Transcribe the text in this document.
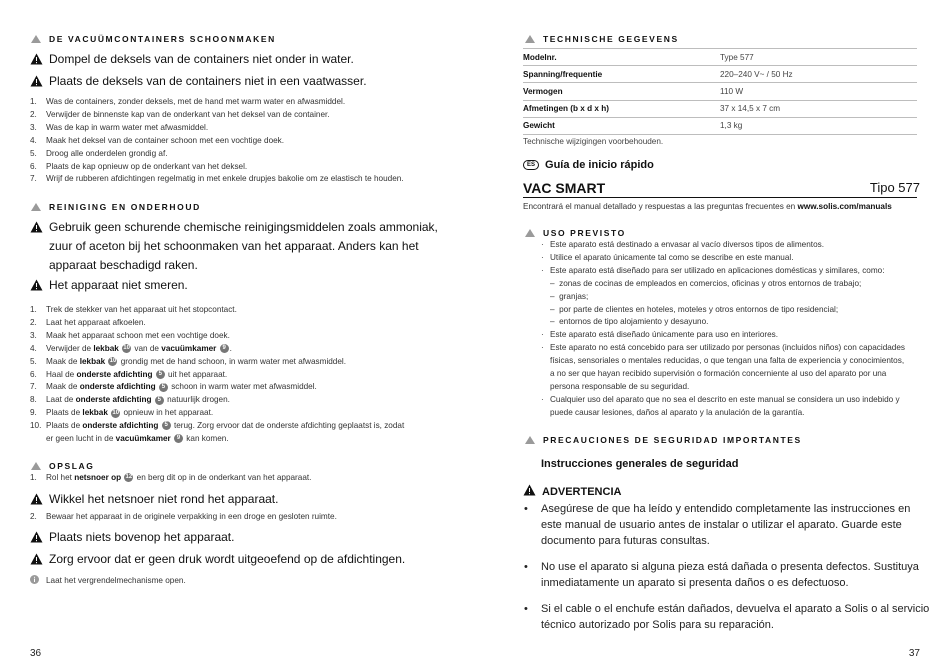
DE VACUÜMCONTAINERS SCHOONMAKEN
Dompel de deksels van de containers niet onder in water.
Plaats de deksels van de containers niet in een vaatwasser.
1.	Was de containers, zonder deksels, met de hand met warm water en afwasmiddel.
2.	Verwijder de binnenste kap van de onderkant van het deksel van de container.
3.	Was de kap in warm water met afwasmiddel.
4.	Maak het deksel van de container schoon met een vochtige doek.
5.	Droog alle onderdelen grondig af.
6.	Plaats de kap opnieuw op de onderkant van het deksel.
7.	Wrijf de rubberen afdichtingen regelmatig in met enkele drupjes bakolie om ze elastisch te houden.
REINIGING EN ONDERHOUD
Gebruik geen schurende chemische reinigingsmiddelen zoals ammoniak,
zuur of aceton bij het schoonmaken van het apparaat. Anders kan het
apparaat beschadigd raken.
Het apparaat niet smeren.
1.	Trek de stekker van het apparaat uit het stopcontact.
2.	Laat het apparaat afkoelen.
3.	Maak het apparaat schoon met een vochtige doek.
4.	Verwijder de lekbak 10 van de vacuümkamer 9 .
5.	Maak de lekbak 10 grondig met de hand schoon, in warm water met afwasmiddel.
6.	Haal de onderste afdichting 5 uit het apparaat.
7.	Maak de onderste afdichting 5 schoon in warm water met afwasmiddel.
8.	Laat de onderste afdichting 5 natuurlijk drogen.
9.	Plaats de lekbak 10 opnieuw in het apparaat.
10. Plaats de onderste afdichting 5 terug. Zorg ervoor dat de onderste afdichting geplaatst is, zodat
er geen lucht in de vacuümkamer 9 kan komen.
OPSLAG
1.	Rol het netsnoer op 12 en berg dit op in de onderkant van het apparaat.
Wikkel het netsnoer niet rond het apparaat.
2.	Bewaar het apparaat in de originele verpakking in een droge en gesloten ruimte.
Plaats niets bovenop het apparaat.
Zorg ervoor dat er geen druk wordt uitgeoefend op de afdichtingen.
Laat het vergrendelmechanisme open.
36
TECHNISCHE GEGEVENS
Modelnr.	Type 577
Spanning/frequentie	220–240 V~ / 50 Hz
Vermogen	110 W
Afmetingen (b x d x h)	37 x 14,5 x 7 cm
Gewicht	1,3 kg
Technische wijzigingen voorbehouden.
ES Guía de inicio rápido
VAC SMART	Tipo 577
Encontrará el manual detallado y respuestas a las preguntas frecuentes en www.solis.com/manuals
USO PREVISTO
· Este aparato está destinado a envasar al vacío diversos tipos de alimentos.
· Utilice el aparato únicamente tal como se describe en este manual.
· Este aparato está diseñado para ser utilizado en aplicaciones domésticas y similares, como:
– zonas de cocinas de empleados en comercios, oficinas y otros entornos de trabajo;
– granjas;
– por parte de clientes en hoteles, moteles y otros entornos de tipo residencial;
– entornos de tipo alojamiento y desayuno.
· Este aparato está diseñado únicamente para uso en interiores.
· Este aparato no está concebido para ser utilizado por personas (incluidos niños) con capacidades
físicas, sensoriales o mentales reducidas, o que tengan una falta de experiencia y conocimientos,
a no ser que hayan recibido supervisión o formación concerniente al uso del aparato por una
persona responsable de su seguridad.
· Cualquier uso del aparato que no sea el descrito en este manual se considera un uso indebido y
puede causar lesiones, daños al aparato y la anulación de la garantía.
PRECAUCIONES DE SEGURIDAD IMPORTANTES
Instrucciones generales de seguridad
ADVERTENCIA
•	Asegúrese de que ha leído y entendido completamente las instrucciones en
este manual de usuario antes de instalar o utilizar el aparato. Guarde este
documento para futuras consultas.
•	No use el aparato si alguna pieza está dañada o presenta defectos. Sustituya
inmediatamente un aparato si presenta daños o es defectuoso.
•	Si el cable o el enchufe están dañados, devuelva el aparato a Solis o al servicio
técnico autorizado por Solis para su reparación.
37
